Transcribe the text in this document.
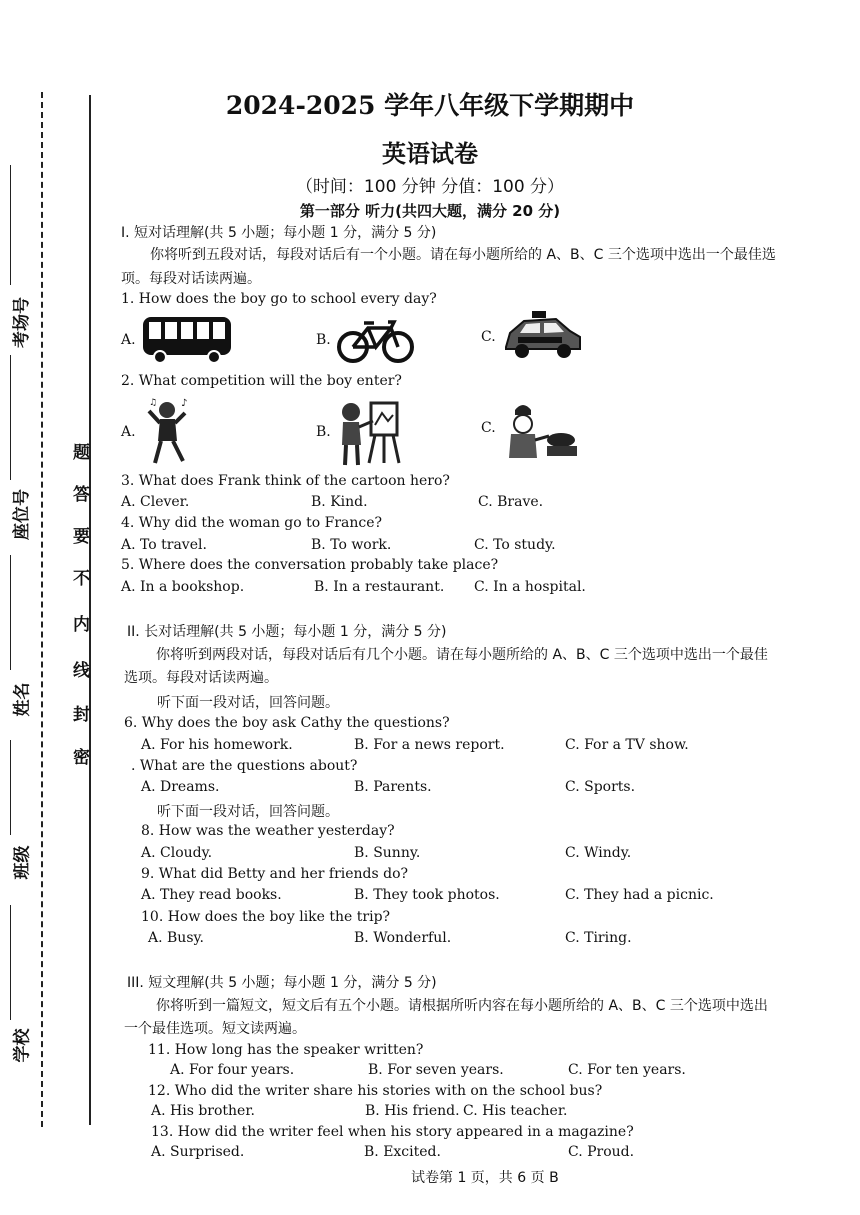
考场号
座位号
姓名
班级
学校
题
答
要
不
内
线
封
密
2024-2025 学年八年级下学期期中
英语试卷
（时间：100 分钟 分值：100 分）
第一部分 听力(共四大题，满分 20 分)
I. 短对话理解(共 5 小题；每小题 1 分，满分 5 分)
你将听到五段对话，每段对话后有一个小题。请在每小题所给的 A、B、C 三个选项中选出一个最佳选
项。每段对话读两遍。
1. How does the boy go to school every day?
A.	B.	C.
2. What competition will the boy enter?
A.	B.	C.
♪
♫
3. What does Frank think of the cartoon hero?
A. Clever.	B. Kind.	C. Brave.
4. Why did the woman go to France?
A. To travel.	B. To work.	C. To study.
5. Where does the conversation probably take place?
A. In a bookshop.	B. In a restaurant. C. In a hospital.
II. 长对话理解(共 5 小题；每小题 1 分，满分 5 分)
你将听到两段对话，每段对话后有几个小题。请在每小题所给的 A、B、C 三个选项中选出一个最佳
选项。每段对话读两遍。
听下面一段对话，回答问题。
6. Why does the boy ask Cathy the questions?
A. For his homework.	B. For a news report.	C. For a TV show.
. What are the questions about?
A. Dreams.	B. Parents.	C. Sports.
听下面一段对话，回答问题。
8. How was the weather yesterday?
A. Cloudy.	B. Sunny.	C. Windy.
9. What did Betty and her friends do?
A. They read books.	B. They took photos.	C. They had a picnic.
10. How does the boy like the trip?
A. Busy.	B. Wonderful.	C. Tiring.
III. 短文理解(共 5 小题；每小题 1 分，满分 5 分)
你将听到一篇短文，短文后有五个小题。请根据所听内容在每小题所给的 A、B、C 三个选项中选出
一个最佳选项。短文读两遍。
11. How long has the speaker written?
A. For four years.	B. For seven years.	C. For ten years.
12. Who did the writer share his stories with on the school bus?
A. His brother.	B. His friend. C. His teacher.
13. How did the writer feel when his story appeared in a magazine?
A. Surprised.	B. Excited.	C. Proud.
试卷第 1 页，共 6 页 B
